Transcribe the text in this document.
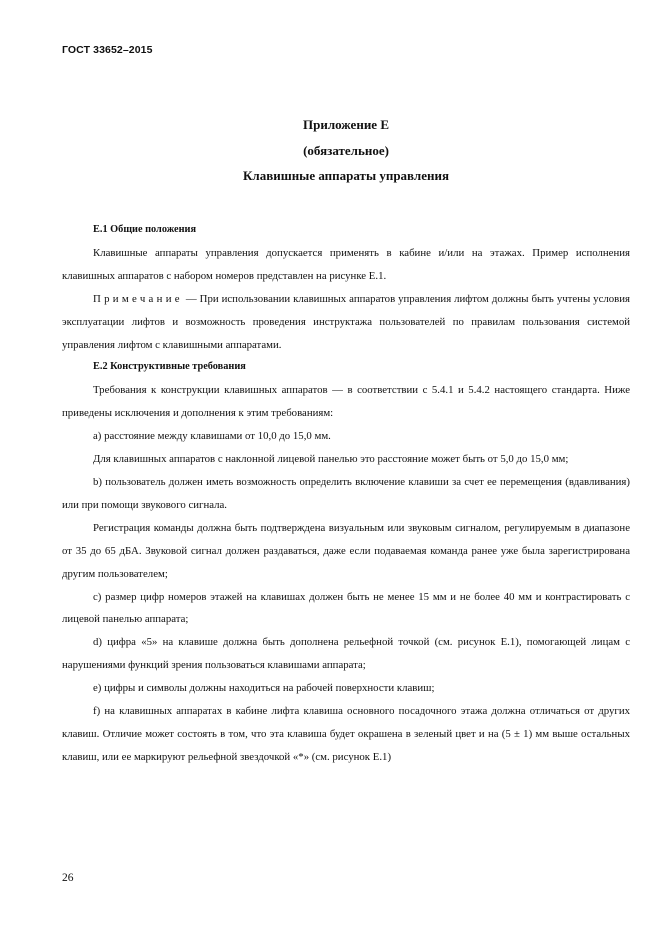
ГОСТ 33652–2015
Приложение Е
(обязательное)
Клавишные аппараты управления

Е.1 Общие положения

Клавишные аппараты управления допускается применять в кабине и/или на этажах. Пример исполнения клавишных аппаратов с набором номеров представлен на рисунке Е.1.

Примечание — При использовании клавишных аппаратов управления лифтом должны быть учтены условия эксплуатации лифтов и возможность проведения инструктажа пользователей по правилам пользования системой управления лифтом с клавишными аппаратами.

Е.2 Конструктивные требования

Требования к конструкции клавишных аппаратов — в соответствии с 5.4.1 и 5.4.2 настоящего стандарта. Ниже приведены исключения и дополнения к этим требованиям:

а) расстояние между клавишами от 10,0 до 15,0 мм.

Для клавишных аппаратов с наклонной лицевой панелью это расстояние может быть от 5,0 до 15,0 мм;

b) пользователь должен иметь возможность определить включение клавиши за счет ее перемещения (вдавливания) или при помощи звукового сигнала.

Регистрация команды должна быть подтверждена визуальным или звуковым сигналом, регулируемым в диапазоне от 35 до 65 дБА. Звуковой сигнал должен раздаваться, даже если подаваемая команда ранее уже была зарегистрирована другим пользователем;

с) размер цифр номеров этажей на клавишах должен быть не менее 15 мм и не более 40 мм и контрастировать с лицевой панелью аппарата;

d) цифра «5» на клавише должна быть дополнена рельефной точкой (см. рисунок Е.1), помогающей лицам с нарушениями функций зрения пользоваться клавишами аппарата;

е) цифры и символы должны находиться на рабочей поверхности клавиш;

f) на клавишных аппаратах в кабине лифта клавиша основного посадочного этажа должна отличаться от других клавиш. Отличие может состоять в том, что эта клавиша будет окрашена в зеленый цвет и на (5 ± 1) мм выше остальных клавиш, или ее маркируют рельефной звездочкой «*» (см. рисунок Е.1)

26
